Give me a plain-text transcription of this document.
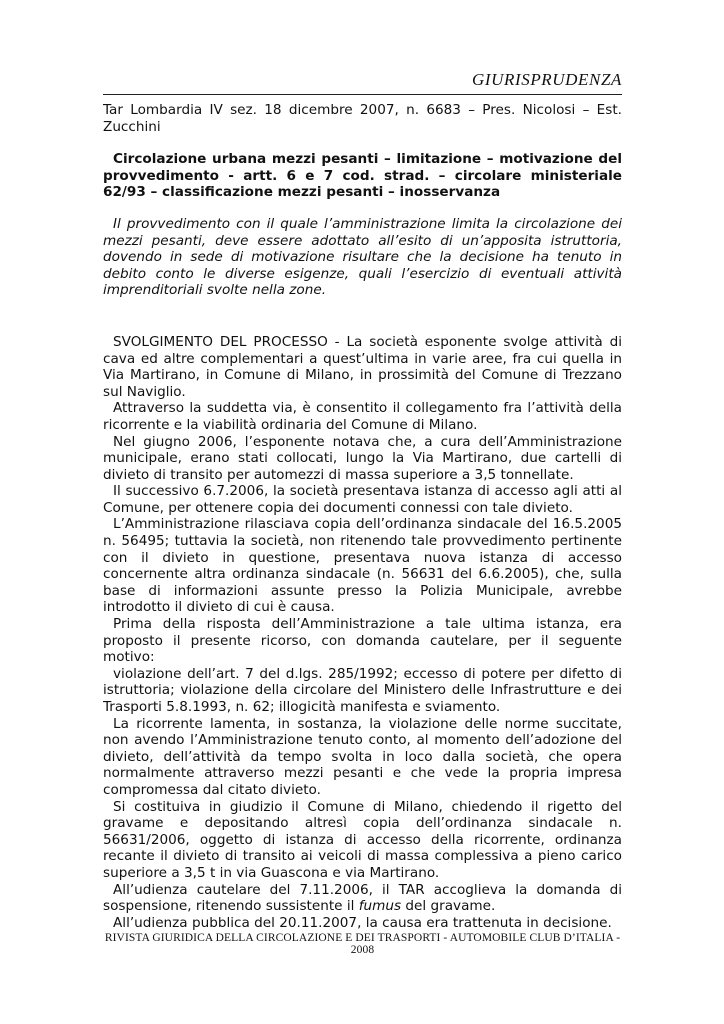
GIURISPRUDENZA

Tar Lombardia IV sez. 18 dicembre 2007, n. 6683 – Pres. Nicolosi – Est. Zucchini

Circolazione urbana mezzi pesanti – limitazione – motivazione del provvedimento - artt. 6 e 7 cod. strad. – circolare ministeriale 62/93 – classificazione mezzi pesanti – inosservanza

Il provvedimento con il quale l’amministrazione limita la circolazione dei mezzi pesanti, deve essere adottato all’esito di un’apposita istruttoria, dovendo in sede di motivazione risultare che la decisione ha tenuto in debito conto le diverse esigenze, quali l’esercizio di eventuali attività imprenditoriali svolte nella zone.

SVOLGIMENTO DEL PROCESSO - La società esponente svolge attività di cava ed altre complementari a quest’ultima in varie aree, fra cui quella in Via Martirano, in Comune di Milano, in prossimità del Comune di Trezzano sul Naviglio.

Attraverso la suddetta via, è consentito il collegamento fra l’attività della ricorrente e la viabilità ordinaria del Comune di Milano.

Nel giugno 2006, l’esponente notava che, a cura dell’Amministrazione municipale, erano stati collocati, lungo la Via Martirano, due cartelli di divieto di transito per automezzi di massa superiore a 3,5 tonnellate.

Il successivo 6.7.2006, la società presentava istanza di accesso agli atti al Comune, per ottenere copia dei documenti connessi con tale divieto.

L’Amministrazione rilasciava copia dell’ordinanza sindacale del 16.5.2005 n. 56495; tuttavia la società, non ritenendo tale provvedimento pertinente con il divieto in questione, presentava nuova istanza di accesso concernente altra ordinanza sindacale (n. 56631 del 6.6.2005), che, sulla base di informazioni assunte presso la Polizia Municipale, avrebbe introdotto il divieto di cui è causa.

Prima della risposta dell’Amministrazione a tale ultima istanza, era proposto il presente ricorso, con domanda cautelare, per il seguente motivo:

violazione dell’art. 7 del d.lgs. 285/1992; eccesso di potere per difetto di istruttoria; violazione della circolare del Ministero delle Infrastrutture e dei Trasporti 5.8.1993, n. 62; illogicità manifesta e sviamento.

La ricorrente lamenta, in sostanza, la violazione delle norme succitate, non avendo l’Amministrazione tenuto conto, al momento dell’adozione del divieto, dell’attività da tempo svolta in loco dalla società, che opera normalmente attraverso mezzi pesanti e che vede la propria impresa compromessa dal citato divieto.

Si costituiva in giudizio il Comune di Milano, chiedendo il rigetto del gravame e depositando altresì copia dell’ordinanza sindacale n. 56631/2006, oggetto di istanza di accesso della ricorrente, ordinanza recante il divieto di transito ai veicoli di massa complessiva a pieno carico superiore a 3,5 t in via Guascona e via Martirano.

All’udienza cautelare del 7.11.2006, il TAR accoglieva la domanda di sospensione, ritenendo sussistente il fumus del gravame.

All’udienza pubblica del 20.11.2007, la causa era trattenuta in decisione.

RIVISTA GIURIDICA DELLA CIRCOLAZIONE E DEI TRASPORTI - AUTOMOBILE CLUB D’ITALIA - 2008
